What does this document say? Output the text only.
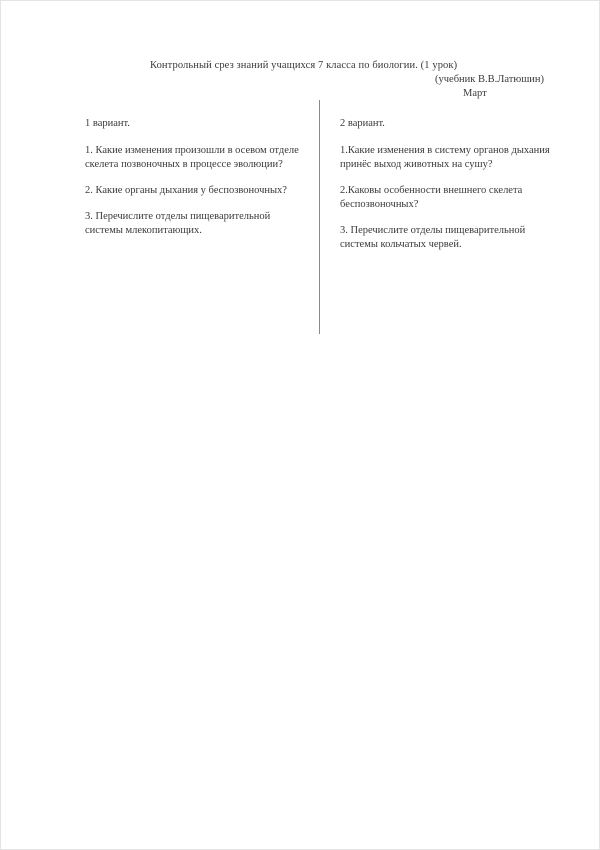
Контрольный срез знаний учащихся 7 класса по биологии. (1 урок)
(учебник В.В.Латюшин)
Март
1 вариант.
1. Какие изменения произошли в осевом отделе скелета позвоночных в процессе эволюции?
2. Какие органы дыхания у беспозвоночных?
3. Перечислите отделы пищеварительной системы млекопитающих.
2 вариант.
1.Какие изменения в систему органов дыхания принёс выход животных на сушу?
2.Каковы особенности внешнего скелета беспозвоночных?
3. Перечислите отделы пищеварительной системы кольчатых червей.
